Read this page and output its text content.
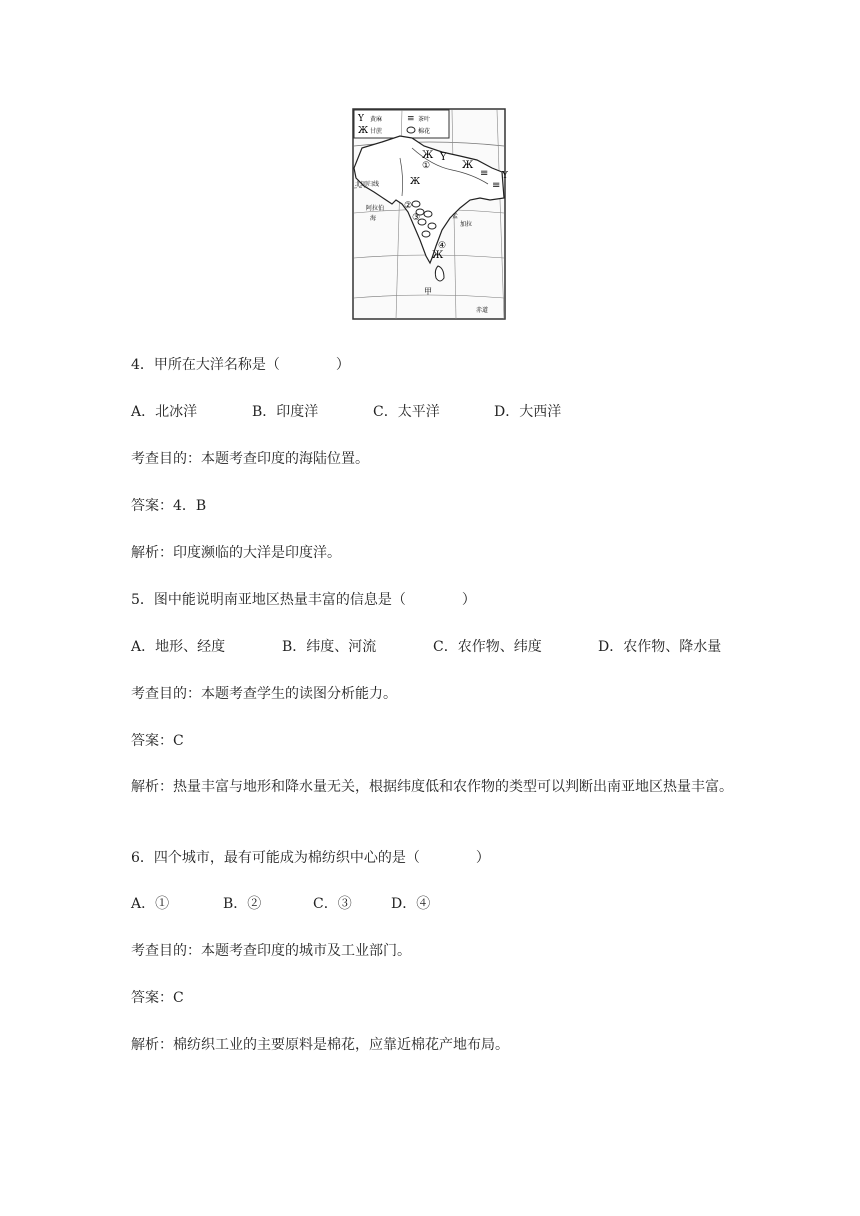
Y 黄麻	≡ 茶叶
Ж 甘蔗	棉花
Ж Y
Ж
≡
≡
Y
Ж
Ж
①
②
③
④
北回归线
阿拉伯
海	孟
加拉
甲
赤道
4．甲所在大洋名称是（　　　　）
A．北冰洋	B．印度洋	C．太平洋	D．大西洋
考查目的：本题考查印度的海陆位置。
答案：4．B
解析：印度濒临的大洋是印度洋。
5．图中能说明南亚地区热量丰富的信息是（　　　　）
A．地形、经度	B．纬度、河流	C．农作物、纬度	D．农作物、降水量
考查目的：本题考查学生的读图分析能力。
答案：C
解析：热量丰富与地形和降水量无关，根据纬度低和农作物的类型可以判断出南亚地区热量丰富。
6．四个城市，最有可能成为棉纺织中心的是（　　　　）
A．①	B．②	C．③	D．④
考查目的：本题考查印度的城市及工业部门。
答案：C
解析：棉纺织工业的主要原料是棉花，应靠近棉花产地布局。
